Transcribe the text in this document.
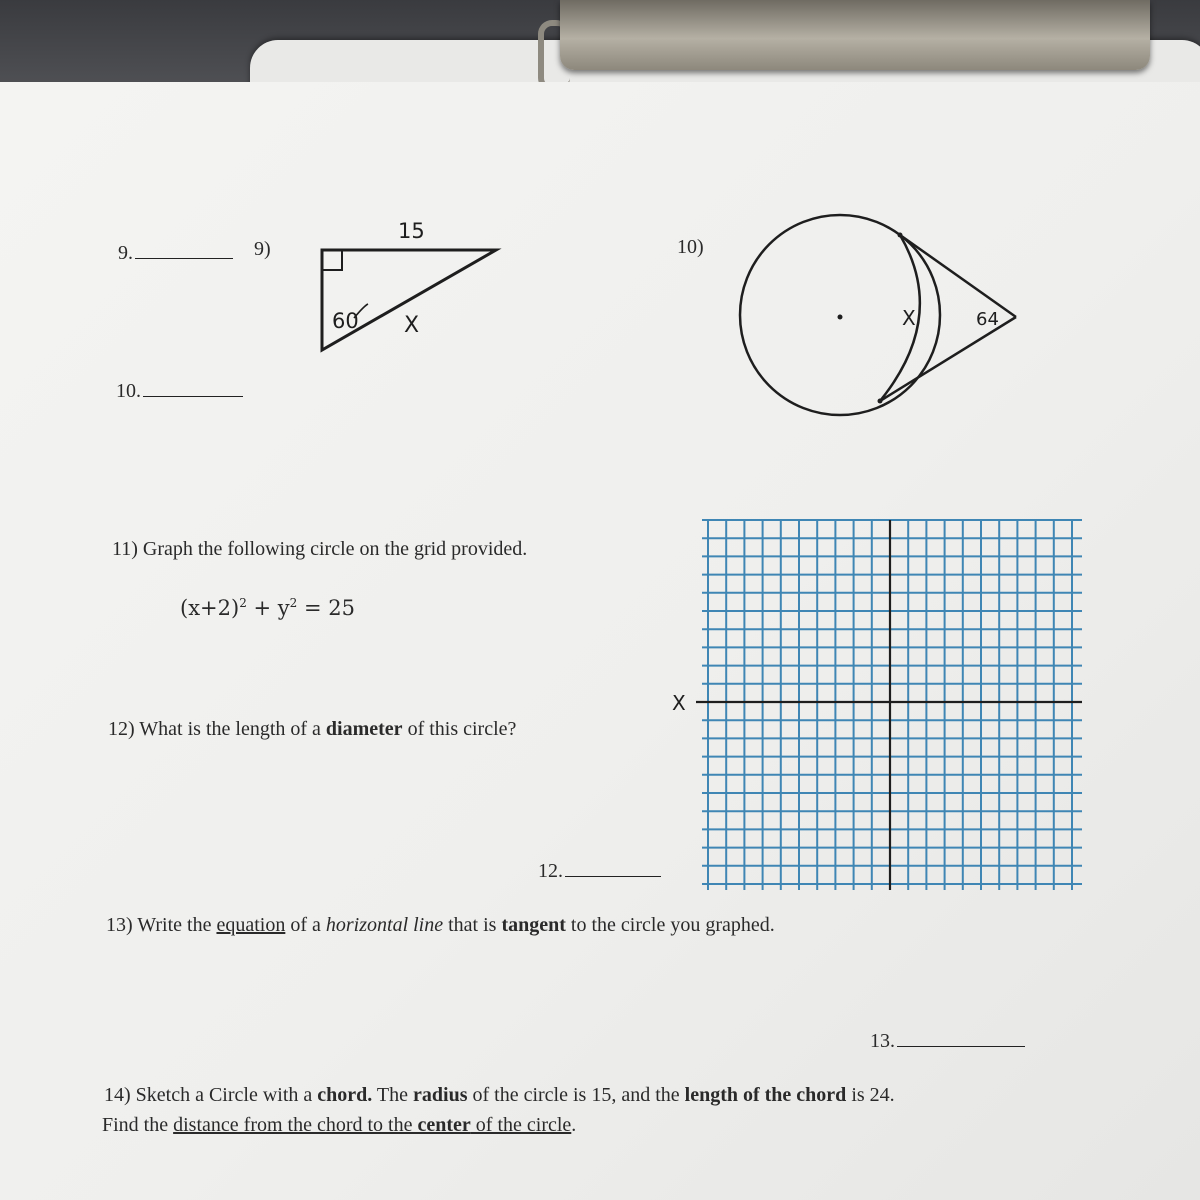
9.
10.
9)
15
60 X
10)
X	64
11) Graph the following circle on the grid provided.
$(x+2)^2 + y^2 = 25$
X
12) What is the length of a diameter of this circle?
12.
13) Write the equation of a horizontal line that is tangent to the circle you graphed.
13.
14) Sketch a Circle with a chord. The radius of the circle is 15, and the length of the chord is 24.
Find the distance from the chord to the center of the circle.
